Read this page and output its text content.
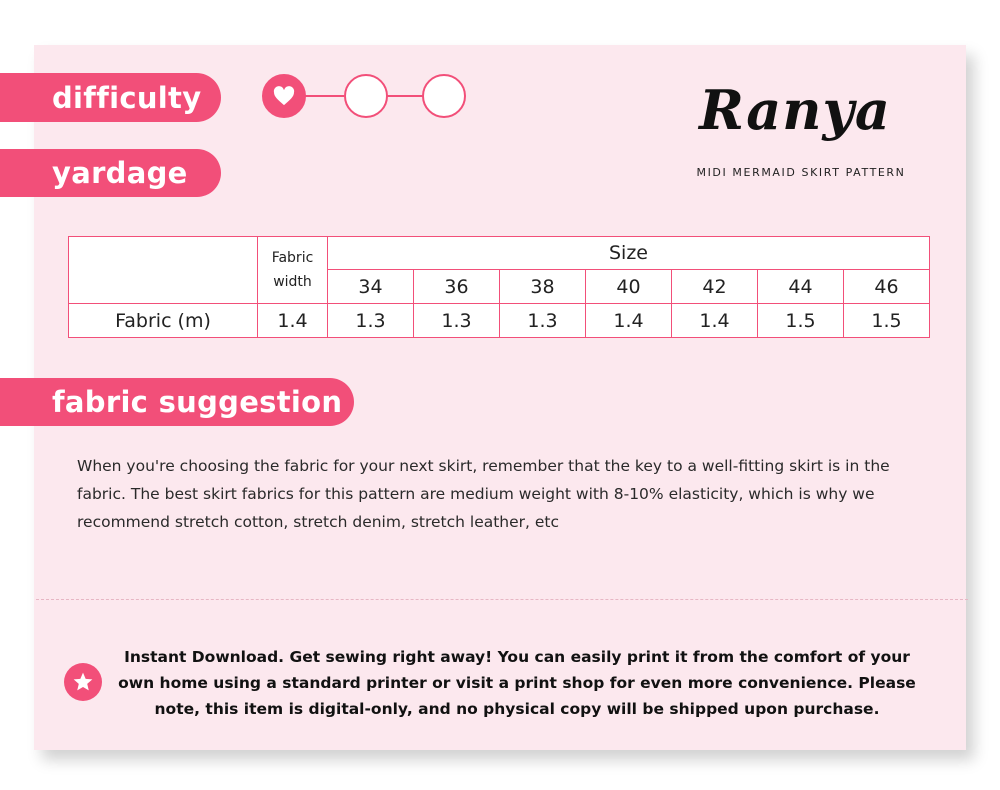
difficulty
yardage
Ranya
MIDI MERMAID SKIRT PATTERN
	Fabric width	Size						
		34	36	38	40	42	44	46
Fabric (m)	1.4	1.3	1.3	1.3	1.4	1.4	1.5	1.5
fabric suggestion
When you're choosing the fabric for your next skirt, remember that the key to a well-fitting skirt is in the fabric. The best skirt fabrics for this pattern are medium weight with 8-10% elasticity, which is why we recommend stretch cotton, stretch denim, stretch leather, etc
Instant Download. Get sewing right away! You can easily print it from the comfort of your own home using a standard printer or visit a print shop for even more convenience. Please note, this item is digital-only, and no physical copy will be shipped upon purchase.
